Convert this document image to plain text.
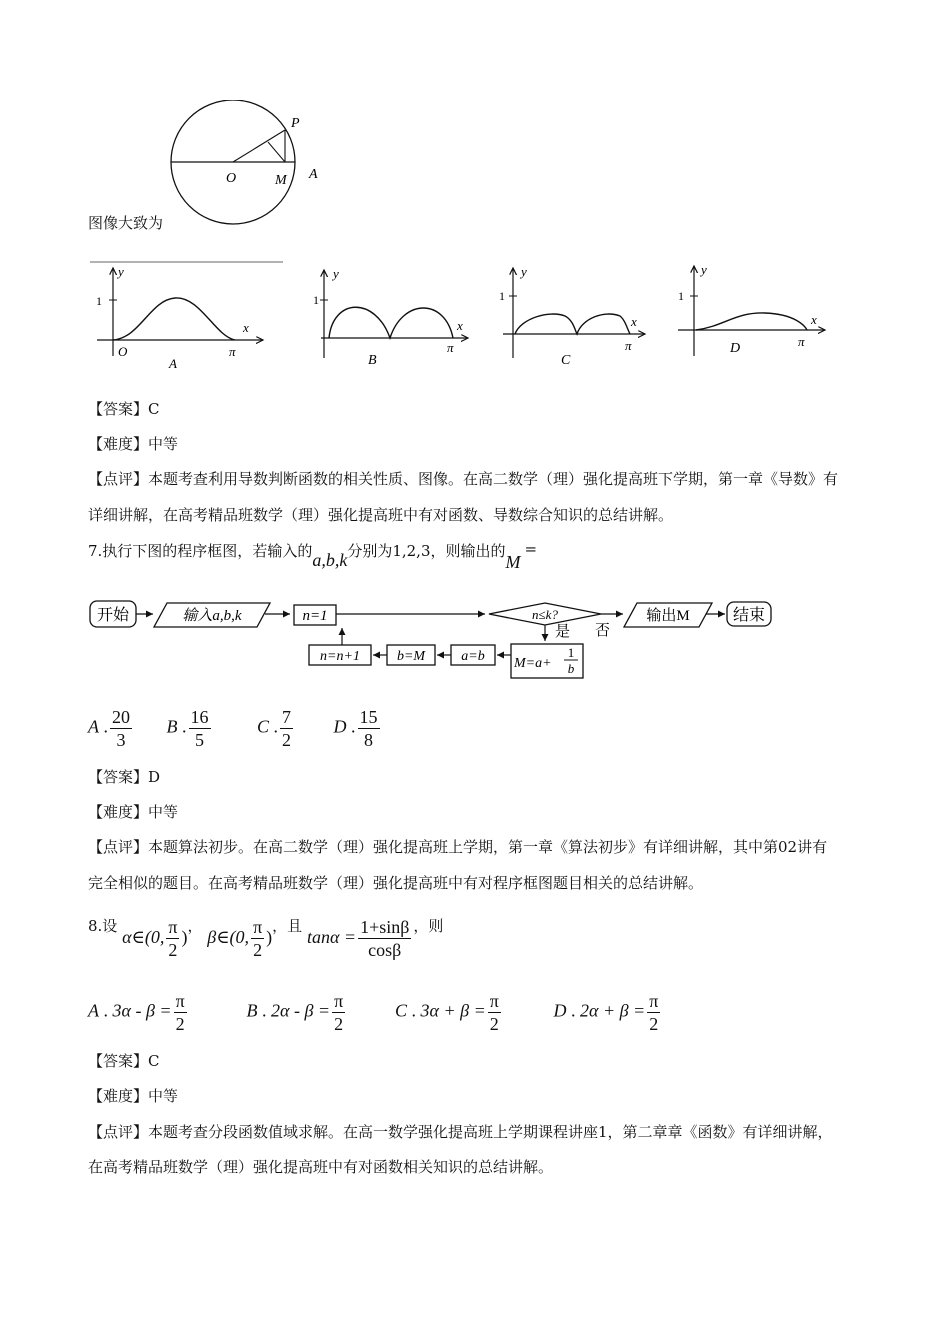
P
O	M A
图像大致为
y
x
1
O	π
A
y
x
1
π
B
y
x
1
π
C
y
x
1
π
D
【答案】C
【难度】中等
【点评】本题考查利用导数判断函数的相关性质、图像。在高二数学（理）强化提高班下学期，第一章《导数》有
详细讲解，在高考精品班数学（理）强化提高班中有对函数、导数综合知识的总结讲解。
7.执行下图的程序框图，若输入的a,b,k分别为1,2,3，则输出的M=
开始	输入a,b,k	n=1	n≤k?
是 否
输出M	结束
M=a+
1
b
a=b
b=M
n=n+1
A . $\frac{20}{3}$ B . $\frac{16}{5}$	C . $\frac{7}{2}$ D . $\frac{15}{8}$
【答案】D
【难度】中等
【点评】本题算法初步。在高二数学（理）强化提高班上学期，第一章《算法初步》有详细讲解，其中第02讲有
完全相似的题目。在高考精品班数学（理）强化提高班中有对程序框图题目相关的总结讲解。
8.设 α∈(0, $\frac{\pi}{2}$ )， β∈(0, $\frac{\pi}{2}$ )，且 $\tan\alpha = \frac{1+\sin\beta}{\cos\beta}$ ，则
A . $3\alpha - \beta = \frac{\pi}{2}$	B . $2\alpha - \beta = \frac{\pi}{2}$	C . $3\alpha + \beta = \frac{\pi}{2}$	D . $2\alpha + \beta = \frac{\pi}{2}$
【答案】C
【难度】中等
【点评】本题考查分段函数值域求解。在高一数学强化提高班上学期课程讲座1，第二章章《函数》有详细讲解，
在高考精品班数学（理）强化提高班中有对函数相关知识的总结讲解。
